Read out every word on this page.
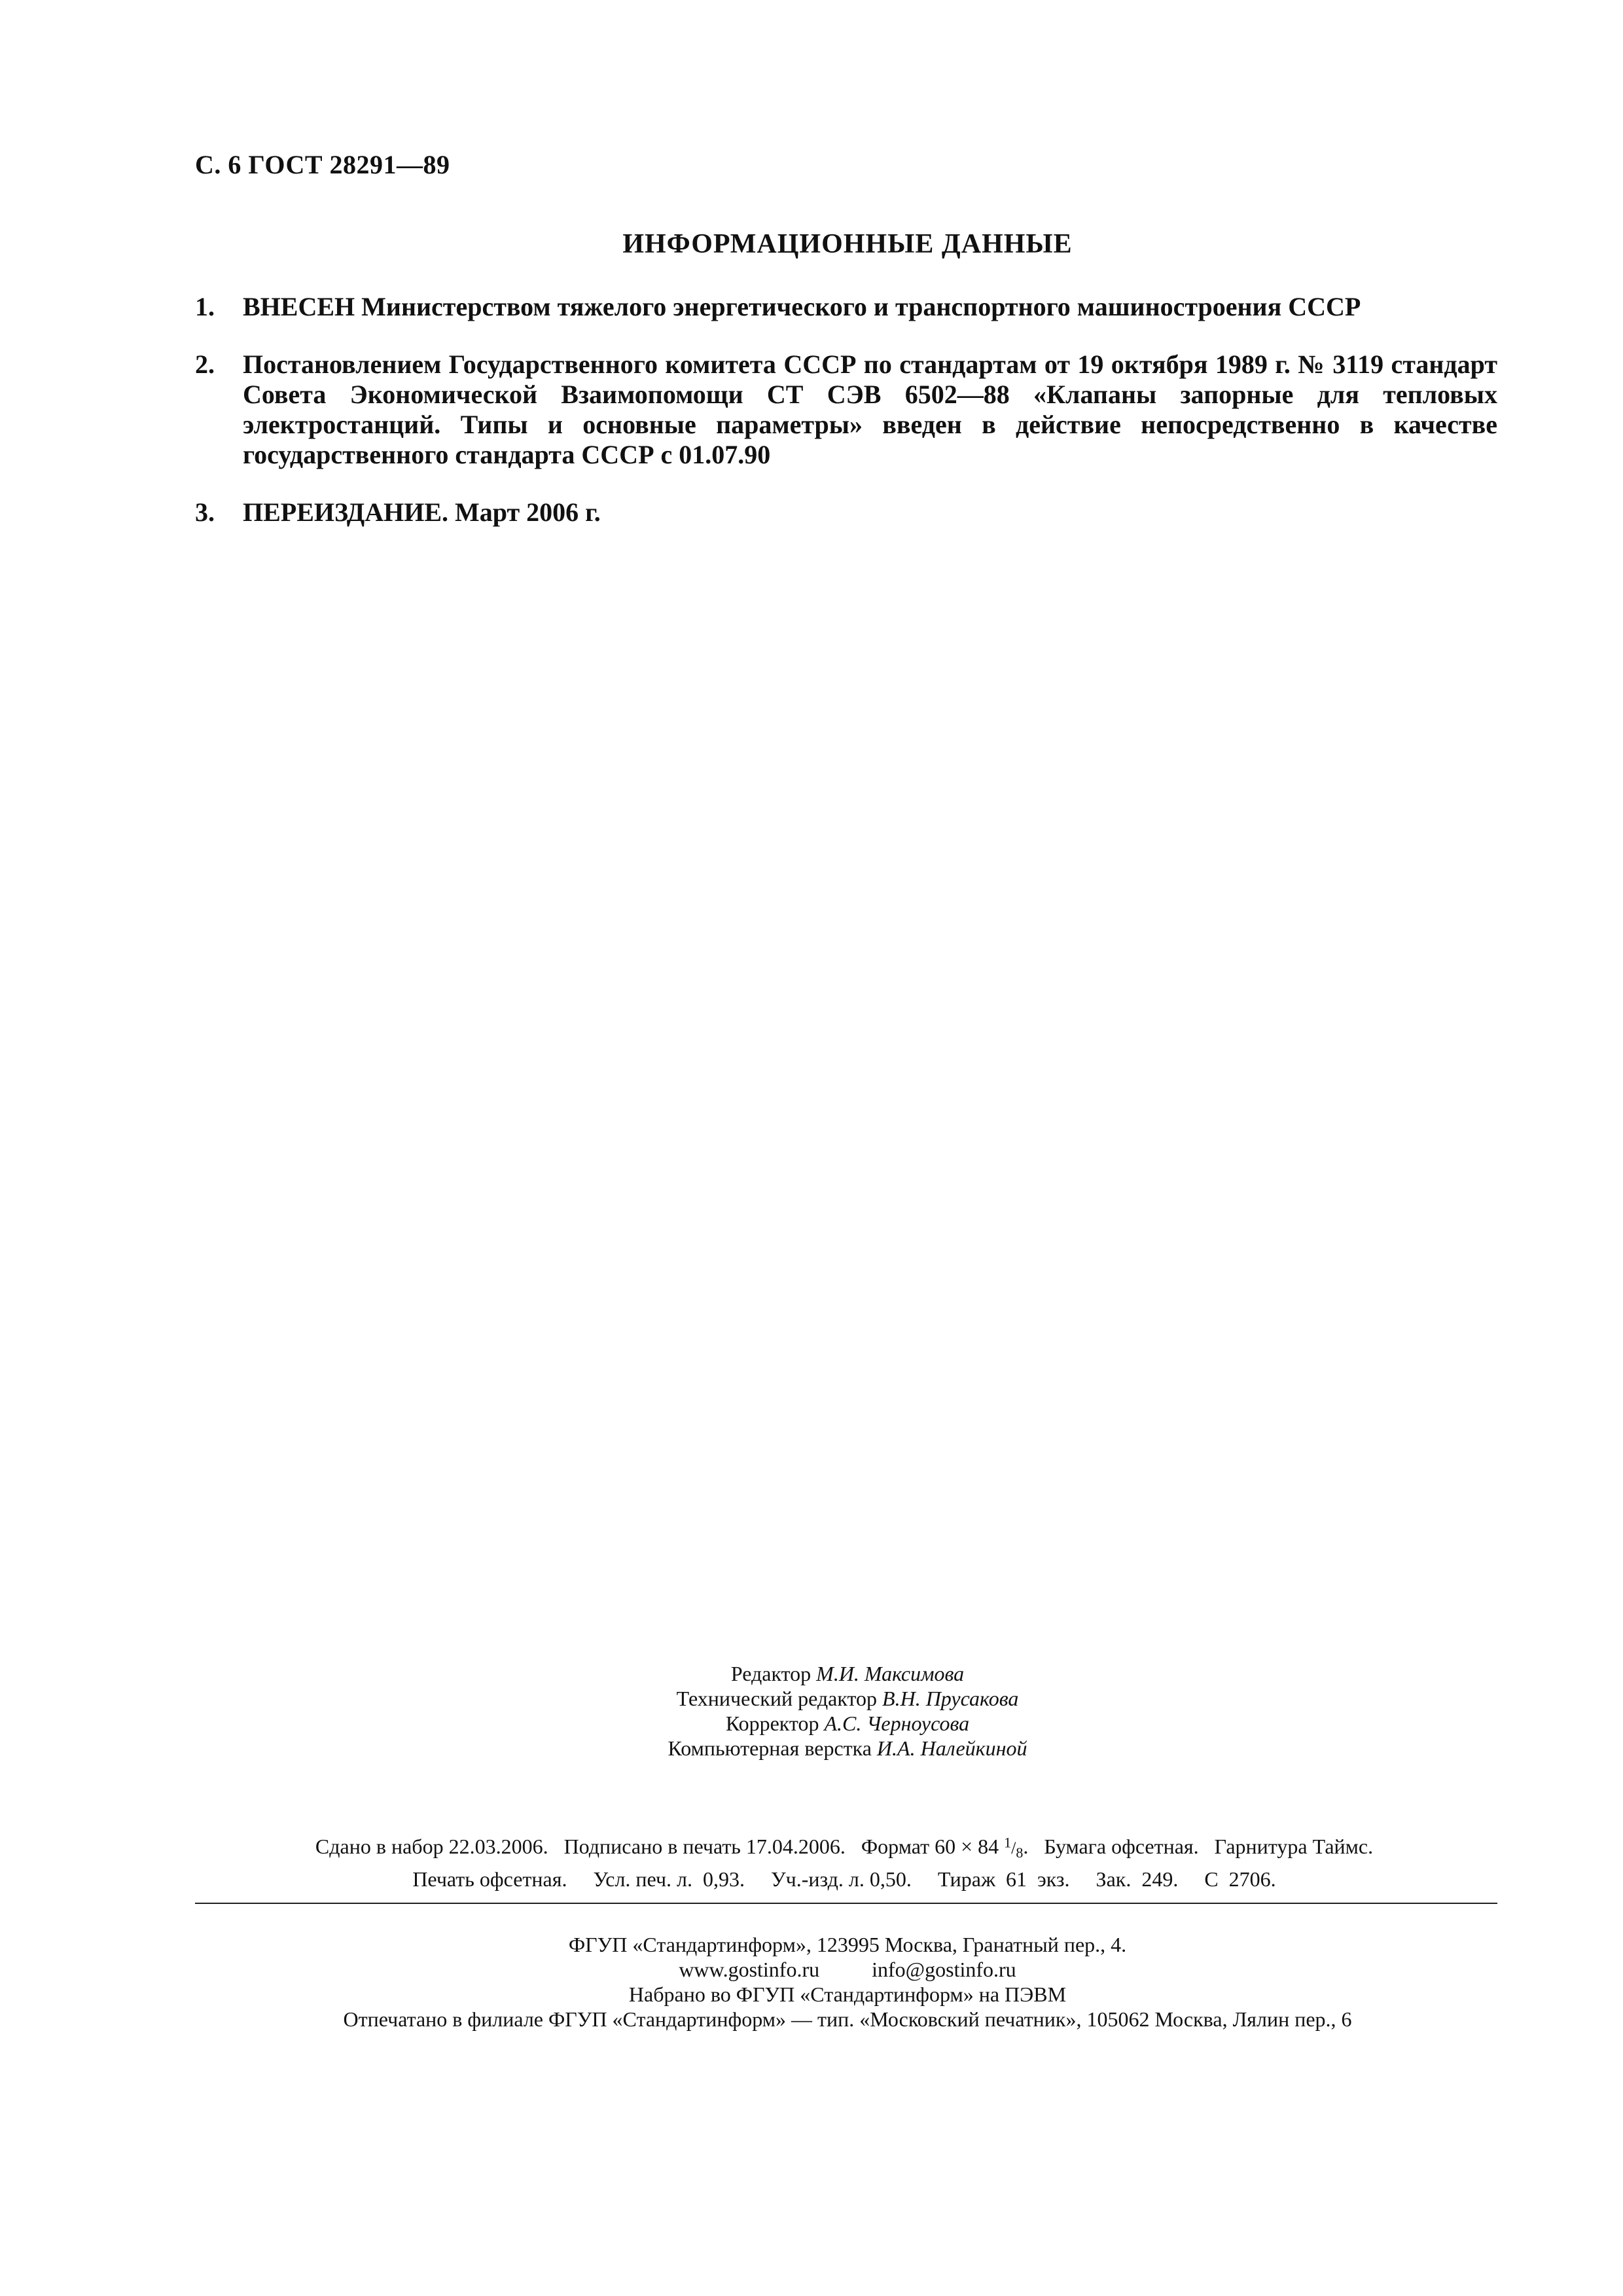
С. 6 ГОСТ 28291—89
ИНФОРМАЦИОННЫЕ ДАННЫЕ
1.	ВНЕСЕН Министерством тяжелого энергетического и транспортного машиностроения СССР
2.	Постановлением Государственного комитета СССР по стандартам от 19 октября 1989 г. № 3119 стандарт Совета Экономической Взаимопомощи СТ СЭВ 6502—88 «Клапаны запорные для тепловых электростанций. Типы и основные параметры» введен в действие непосредственно в качестве государственного стандарта СССР с 01.07.90
3.	ПЕРЕИЗДАНИЕ. Март 2006 г.
Редактор М.И. Максимова
Технический редактор В.Н. Прусакова
Корректор А.С. Черноусова
Компьютерная верстка И.А. Налейкиной
Сдано в набор 22.03.2006.   Подписано в печать 17.04.2006.   Формат 60 × 84 $^1/_8$.   Бумага офсетная.   Гарнитура Таймс.
Печать офсетная.     Усл. печ. л.  0,93.     Уч.-изд. л. 0,50.     Тираж  61  экз.     Зак.  249.     С  2706.
ФГУП «Стандартинформ», 123995 Москва, Гранатный пер., 4.
www.gostinfo.ru          info@gostinfo.ru
Набрано во ФГУП «Стандартинформ» на ПЭВМ
Отпечатано в филиале ФГУП «Стандартинформ» — тип. «Московский печатник», 105062 Москва, Лялин пер., 6
